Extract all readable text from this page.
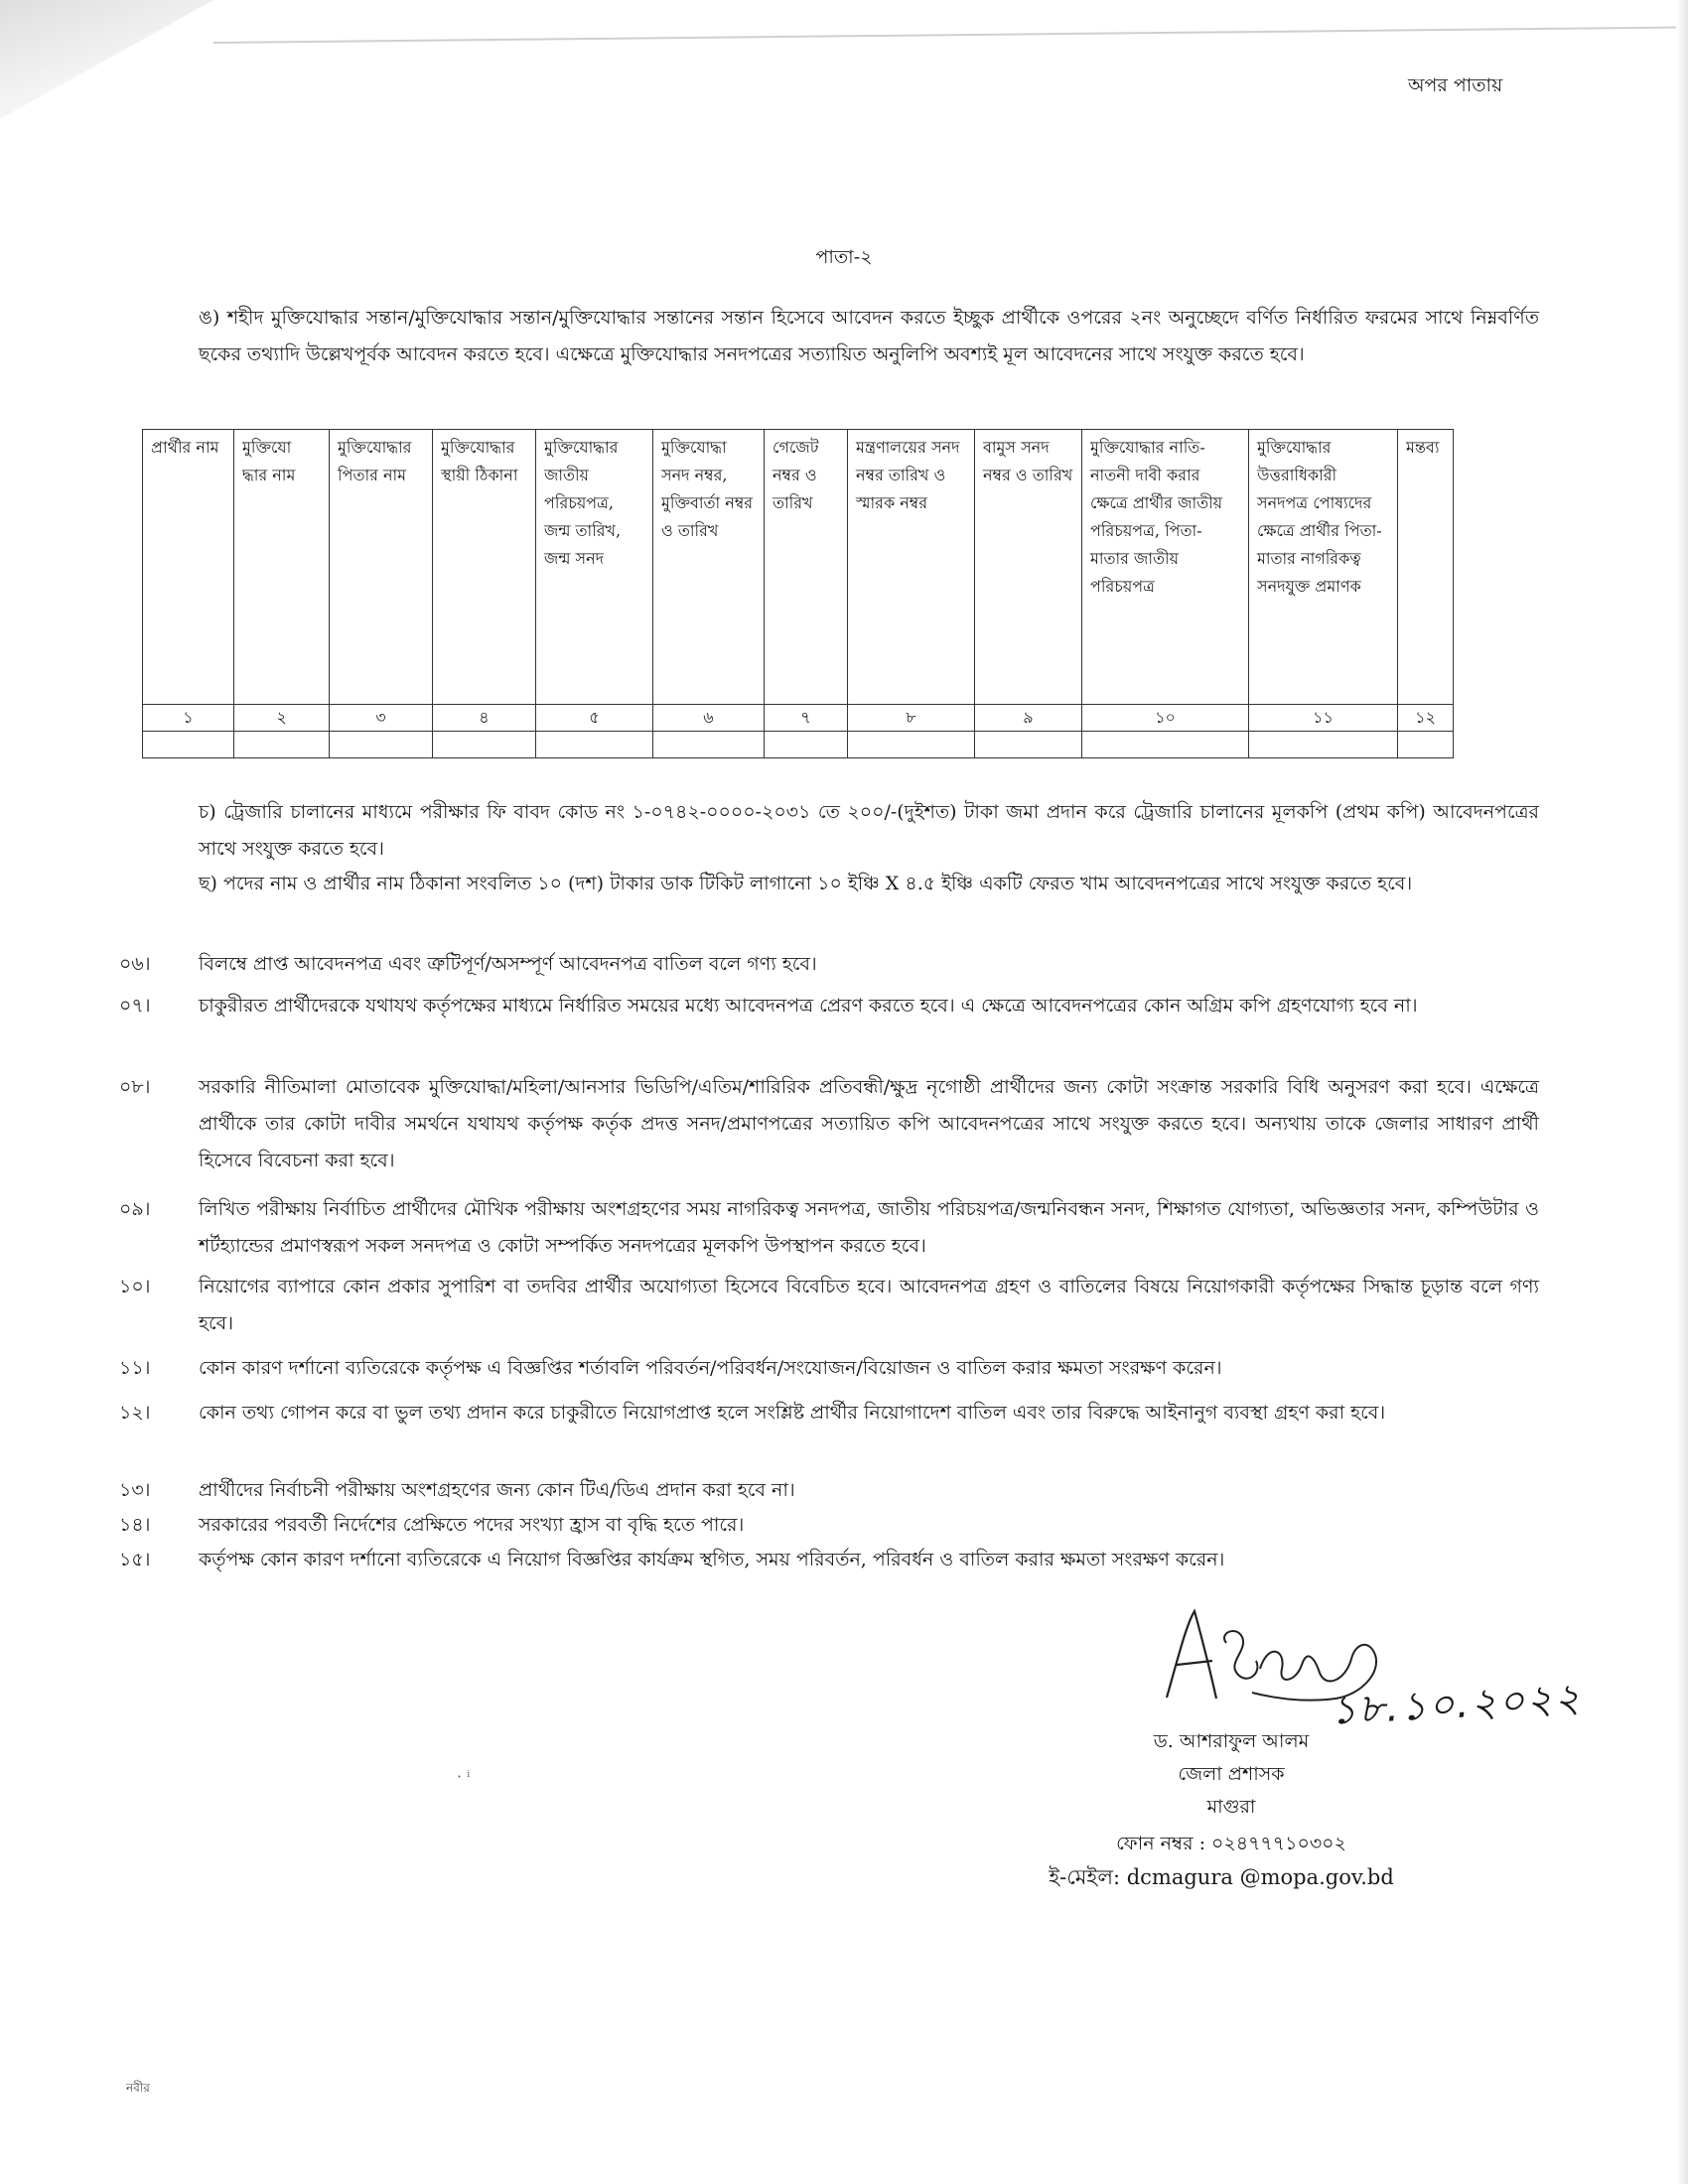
অপর পাতায়
পাতা-২
ঙ) শহীদ মুক্তিযোদ্ধার সন্তান/মুক্তিযোদ্ধার সন্তান/মুক্তিযোদ্ধার সন্তানের সন্তান হিসেবে আবেদন করতে ইচ্ছুক প্রার্থীকে ওপরের ২নং অনুচ্ছেদে বর্ণিত নির্ধারিত ফরমের সাথে নিম্নবর্ণিত ছকের তথ্যাদি উল্লেখপূর্বক আবেদন করতে হবে। এক্ষেত্রে মুক্তিযোদ্ধার সনদপত্রের সত্যায়িত অনুলিপি অবশ্যই মূল আবেদনের সাথে সংযুক্ত করতে হবে।
প্রার্থীর নাম	মুক্তিযো দ্ধার নাম	মুক্তিযোদ্ধার পিতার নাম	মুক্তিযোদ্ধার স্থায়ী ঠিকানা	মুক্তিযোদ্ধার জাতীয় পরিচয়পত্র, জন্ম তারিখ, জন্ম সনদ	মুক্তিযোদ্ধা সনদ নম্বর, মুক্তিবার্তা নম্বর ও তারিখ	গেজেট নম্বর ও তারিখ	মন্ত্রণালয়ের সনদ নম্বর তারিখ ও স্মারক নম্বর	বামুস সনদ নম্বর ও তারিখ	মুক্তিযোদ্ধার নাতি-নাতনী দাবী করার ক্ষেত্রে প্রার্থীর জাতীয় পরিচয়পত্র, পিতা-মাতার জাতীয় পরিচয়পত্র	মুক্তিযোদ্ধার উত্তরাধিকারী সনদপত্র পোষ্যদের ক্ষেত্রে প্রার্থীর পিতা-মাতার নাগরিকত্ব সনদযুক্ত প্রমাণক	মন্তব্য
১	২	৩	৪	৫	৬	৭	৮	৯	১০	১১	১২

চ) ট্রেজারি চালানের মাধ্যমে পরীক্ষার ফি বাবদ কোড নং ১-০৭৪২-০০০০-২০৩১ তে ২০০/-(দুইশত) টাকা জমা প্রদান করে ট্রেজারি চালানের মূলকপি (প্রথম কপি) আবেদনপত্রের সাথে সংযুক্ত করতে হবে।
ছ) পদের নাম ও প্রার্থীর নাম ঠিকানা সংবলিত ১০ (দশ) টাকার ডাক টিকিট লাগানো ১০ ইঞ্চি X ৪.৫ ইঞ্চি একটি ফেরত খাম আবেদনপত্রের সাথে সংযুক্ত করতে হবে।
০৬।	বিলম্বে প্রাপ্ত আবেদনপত্র এবং ত্রুটিপূর্ণ/অসম্পূর্ণ আবেদনপত্র বাতিল বলে গণ্য হবে।
০৭।	চাকুরীরত প্রার্থীদেরকে যথাযথ কর্তৃপক্ষের মাধ্যমে নির্ধারিত সময়ের মধ্যে আবেদনপত্র প্রেরণ করতে হবে। এ ক্ষেত্রে আবেদনপত্রের কোন অগ্রিম কপি গ্রহণযোগ্য হবে না।
০৮।	সরকারি নীতিমালা মোতাবেক মুক্তিযোদ্ধা/মহিলা/আনসার ভিডিপি/এতিম/শারিরিক প্রতিবন্ধী/ক্ষুদ্র নৃগোষ্ঠী প্রার্থীদের জন্য কোটা সংক্রান্ত সরকারি বিধি অনুসরণ করা হবে। এক্ষেত্রে প্রার্থীকে তার কোটা দাবীর সমর্থনে যথাযথ কর্তৃপক্ষ কর্তৃক প্রদত্ত সনদ/প্রমাণপত্রের সত্যায়িত কপি আবেদনপত্রের সাথে সংযুক্ত করতে হবে। অন্যথায় তাকে জেলার সাধারণ প্রার্থী হিসেবে বিবেচনা করা হবে।
০৯।	লিখিত পরীক্ষায় নির্বাচিত প্রার্থীদের মৌখিক পরীক্ষায় অংশগ্রহণের সময় নাগরিকত্ব সনদপত্র, জাতীয় পরিচয়পত্র/জন্মনিবন্ধন সনদ, শিক্ষাগত যোগ্যতা, অভিজ্ঞতার সনদ, কম্পিউটার ও শর্টহ্যান্ডের প্রমাণস্বরূপ সকল সনদপত্র ও কোটা সম্পর্কিত সনদপত্রের মূলকপি উপস্থাপন করতে হবে।
১০।	নিয়োগের ব্যাপারে কোন প্রকার সুপারিশ বা তদবির প্রার্থীর অযোগ্যতা হিসেবে বিবেচিত হবে। আবেদনপত্র গ্রহণ ও বাতিলের বিষয়ে নিয়োগকারী কর্তৃপক্ষের সিদ্ধান্ত চূড়ান্ত বলে গণ্য হবে।
১১।	কোন কারণ দর্শানো ব্যতিরেকে কর্তৃপক্ষ এ বিজ্ঞপ্তির শর্তাবলি পরিবর্তন/পরিবর্ধন/সংযোজন/বিয়োজন ও বাতিল করার ক্ষমতা সংরক্ষণ করেন।
১২।	কোন তথ্য গোপন করে বা ভুল তথ্য প্রদান করে চাকুরীতে নিয়োগপ্রাপ্ত হলে সংশ্লিষ্ট প্রার্থীর নিয়োগাদেশ বাতিল এবং তার বিরুদ্ধে আইনানুগ ব্যবস্থা গ্রহণ করা হবে।
১৩।	প্রার্থীদের নির্বাচনী পরীক্ষায় অংশগ্রহণের জন্য কোন টিএ/ডিএ প্রদান করা হবে না।
১৪।	সরকারের পরবর্তী নির্দেশের প্রেক্ষিতে পদের সংখ্যা হ্রাস বা বৃদ্ধি হতে পারে।
১৫।	কর্তৃপক্ষ কোন কারণ দর্শানো ব্যতিরেকে এ নিয়োগ বিজ্ঞপ্তির কার্যক্রম স্থগিত, সময় পরিবর্তন, পরিবর্ধন ও বাতিল করার ক্ষমতা সংরক্ষণ করেন।
১৮.১০.২০২২
ড. আশরাফুল আলম
জেলা প্রশাসক
মাগুরা
ফোন নম্বর : ০২৪৭৭৭১০৩০২
ই-মেইল: dcmagura @mopa.gov.bd
· ⁱ
নবীর
